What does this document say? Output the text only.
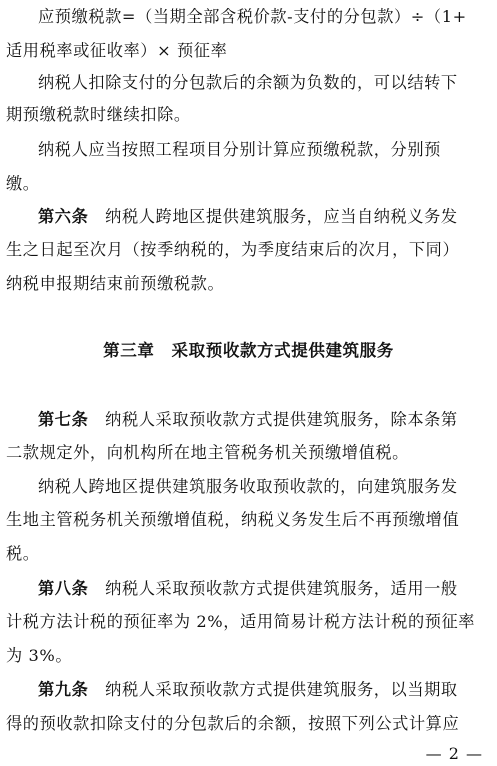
应预缴税款=（当期全部含税价款-支付的分包款）÷（1+
适用税率或征收率）× 预征率
纳税人扣除支付的分包款后的余额为负数的，可以结转下
期预缴税款时继续扣除。
纳税人应当按照工程项目分别计算应预缴税款，分别预
缴。
第六条　 纳税人跨地区提供建筑服务，应当自纳税义务发
生之日起至次月（按季纳税的，为季度结束后的次月，下同）
纳税申报期结束前预缴税款。
第三章　采取预收款方式提供建筑服务
第七条　 纳税人采取预收款方式提供建筑服务，除本条第
二款规定外，向机构所在地主管税务机关预缴增值税。
纳税人跨地区提供建筑服务收取预收款的，向建筑服务发
生地主管税务机关预缴增值税，纳税义务发生后不再预缴增值
税。
第八条　 纳税人采取预收款方式提供建筑服务，适用一般
计税方法计税的预征率为 2%，适用简易计税方法计税的预征率
为 3%。
第九条　 纳税人采取预收款方式提供建筑服务，以当期取
得的预收款扣除支付的分包款后的余额，按照下列公式计算应
— 2 —
